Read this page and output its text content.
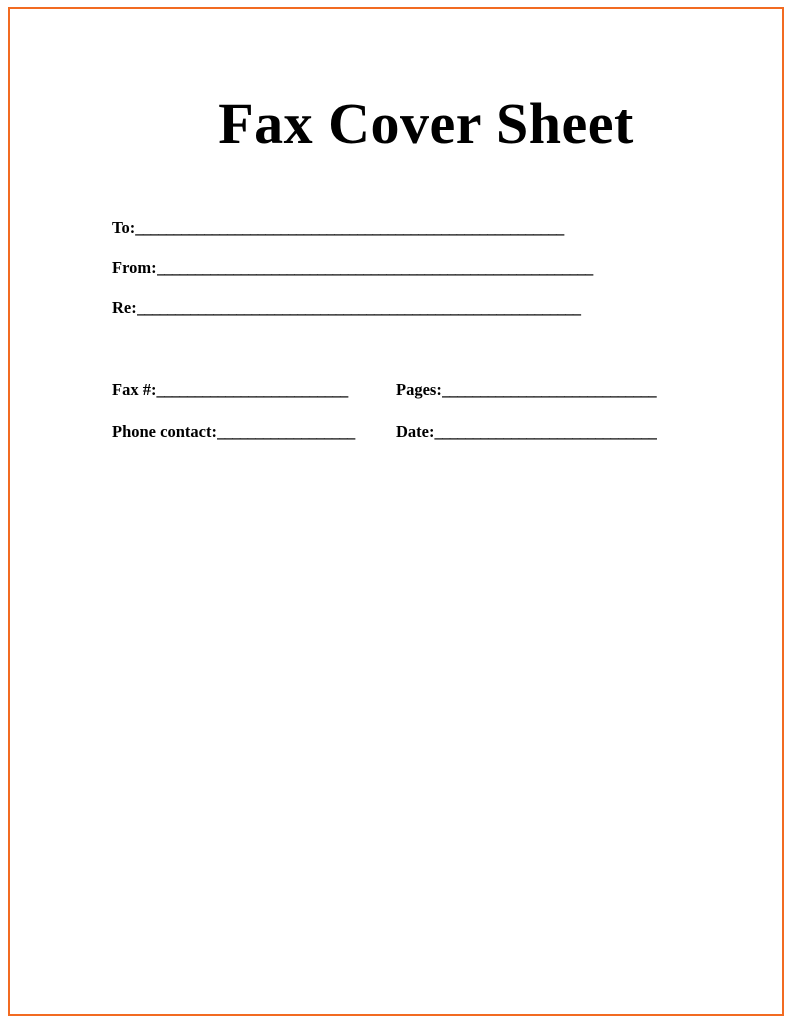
Fax Cover Sheet
To: ________________________________________________________
From: _________________________________________________________
Re: __________________________________________________________
Fax #: _________________________	Pages: ____________________________
Phone contact: __________________	Date: _____________________________
